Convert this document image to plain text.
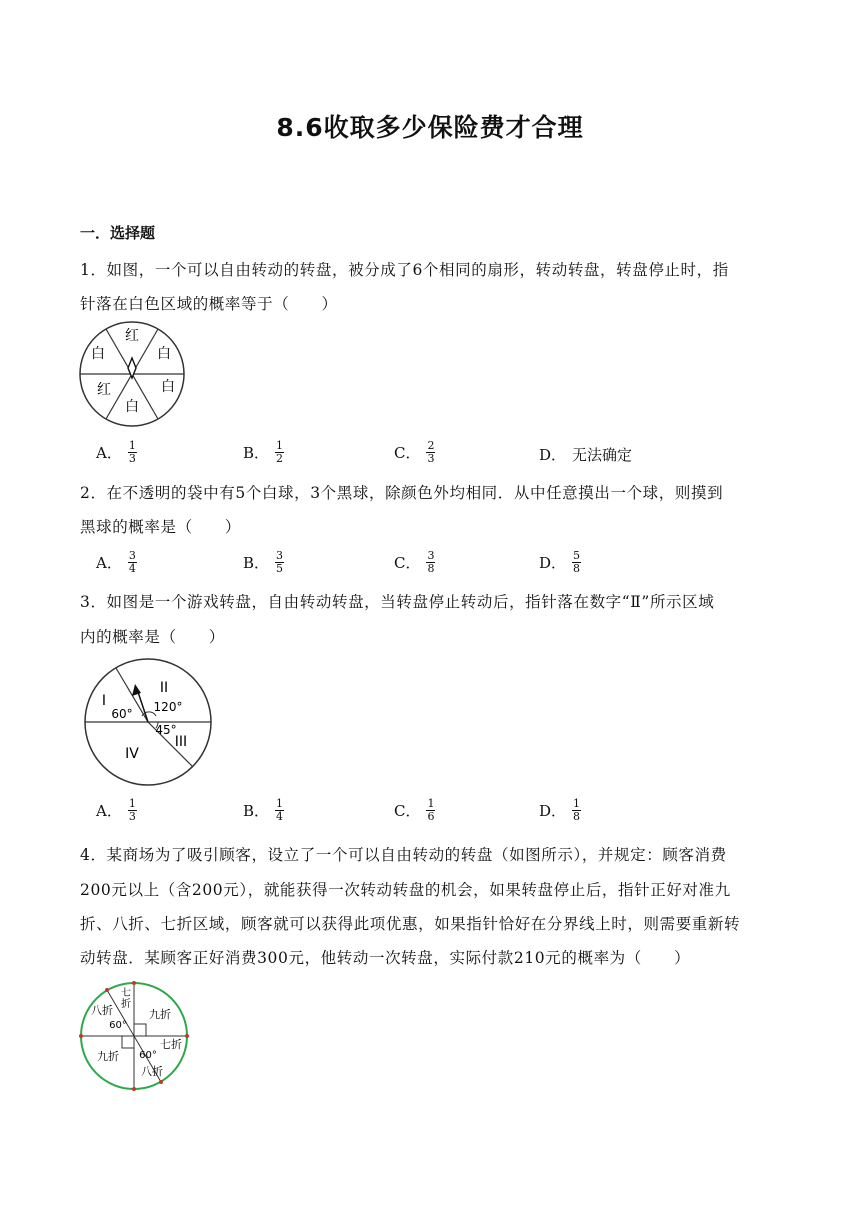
8.6收取多少保险费才合理
一．选择题
1．如图，一个可以自由转动的转盘，被分成了6个相同的扇形，转动转盘，转盘停止时，指
针落在白色区域的概率等于（　　）
红
白
白
白
白
红
A． $\frac{1}{3}$	B． $\frac{1}{2}$	C． $\frac{2}{3}$	D． 无法确定
2．在不透明的袋中有5个白球，3个黑球，除颜色外均相同．从中任意摸出一个球，则摸到
黑球的概率是（　　）
A． $\frac{3}{4}$	B． $\frac{3}{5}$	C． $\frac{3}{8}$	D． $\frac{5}{8}$
3．如图是一个游戏转盘，自由转动转盘，当转盘停止转动后，指针落在数字“Ⅱ”所示区域
内的概率是（　　）
I
II
III
IV
60° 120°
45°
A． $\frac{1}{3}$	B． $\frac{1}{4}$	C． $\frac{1}{6}$	D． $\frac{1}{8}$
4．某商场为了吸引顾客，设立了一个可以自由转动的转盘（如图所示），并规定：顾客消费
200元以上（含200元），就能获得一次转动转盘的机会，如果转盘停止后，指针正好对准九
折、八折、七折区域，顾客就可以获得此项优惠，如果指针恰好在分界线上时，则需要重新转
动转盘．某顾客正好消费300元，他转动一次转盘，实际付款210元的概率为（　　）
七折
八折	九折
九折
七折
八折
60°
60°
